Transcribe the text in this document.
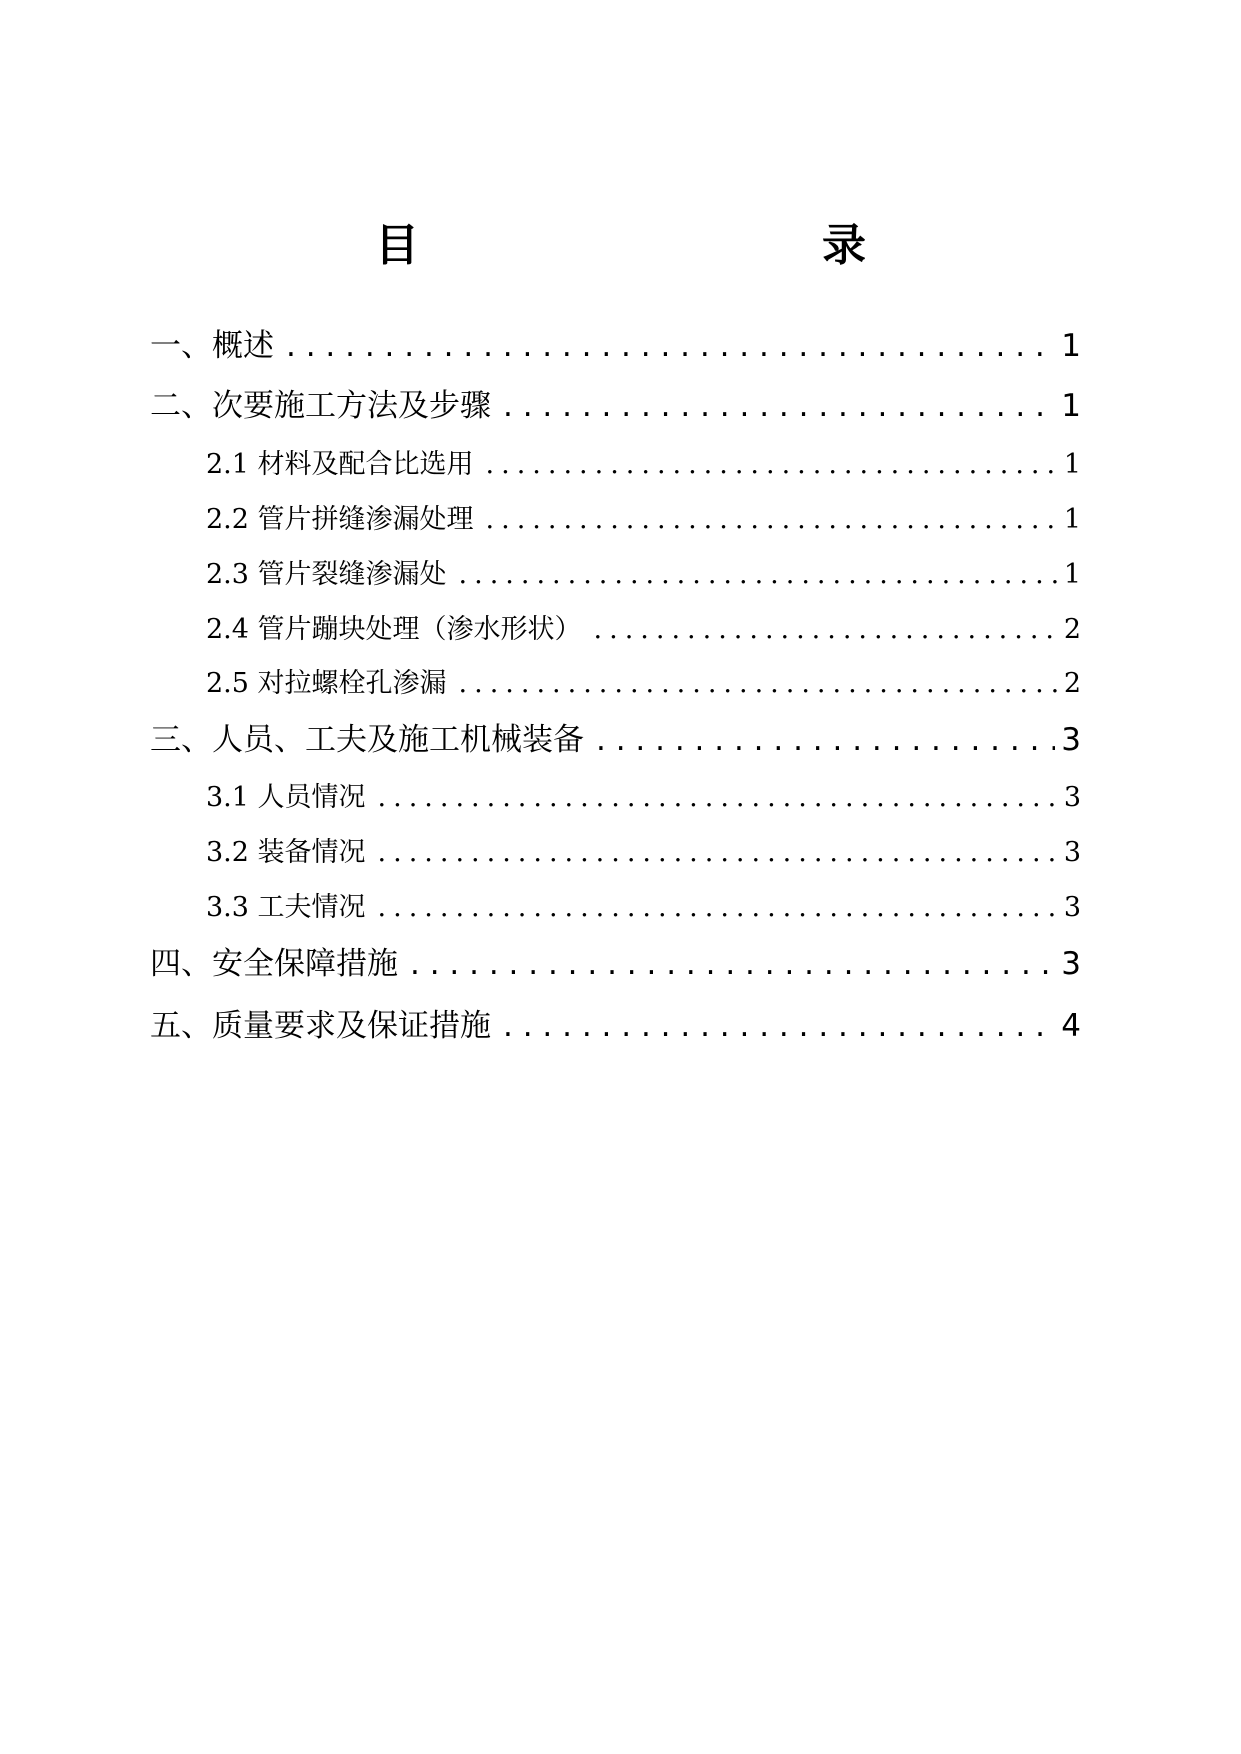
目　　录
一、概述 . . .	1
二、次要施工方法及步骤 . . .	1
2.1 材料及配合比选用 .....	1
2.2 管片拼缝渗漏处理 .....	1
2.3 管片裂缝渗漏处 .....	1
2.4 管片蹦块处理（渗水形状） .....	2
2.5 对拉螺栓孔渗漏 .....	2
三、人员、工夫及施工机械装备 . . .	3
3.1 人员情况 .....	3
3.2 装备情况 .....	3
3.3 工夫情况 .....	3
四、安全保障措施 . . .	3
五、质量要求及保证措施 . . .	4
